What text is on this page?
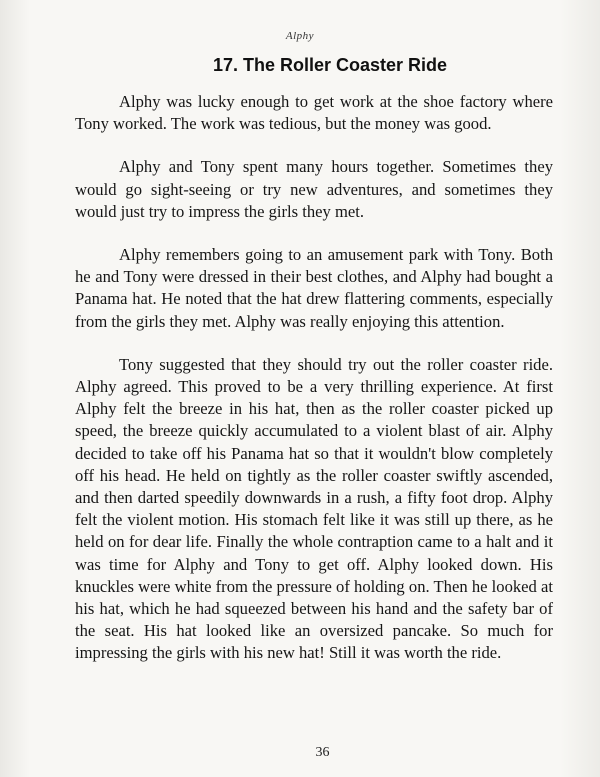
Alphy
17. The Roller Coaster Ride

Alphy was lucky enough to get work at the shoe factory where Tony worked. The work was tedious, but the money was good.

Alphy and Tony spent many hours together. Sometimes they would go sight-seeing or try new adventures, and sometimes they would just try to impress the girls they met.

Alphy remembers going to an amusement park with Tony. Both he and Tony were dressed in their best clothes, and Alphy had bought a Panama hat. He noted that the hat drew flattering comments, especially from the girls they met. Alphy was really enjoying this attention.

Tony suggested that they should try out the roller coaster ride. Alphy agreed. This proved to be a very thrilling experience. At first Alphy felt the breeze in his hat, then as the roller coaster picked up speed, the breeze quickly accumulated to a violent blast of air. Alphy decided to take off his Panama hat so that it wouldn't blow completely off his head. He held on tightly as the roller coaster swiftly ascended, and then darted speedily downwards in a rush, a fifty foot drop. Alphy felt the violent motion. His stomach felt like it was still up there, as he held on for dear life. Finally the whole contraption came to a halt and it was time for Alphy and Tony to get off. Alphy looked down. His knuckles were white from the pressure of holding on. Then he looked at his hat, which he had squeezed between his hand and the safety bar of the seat. His hat looked like an oversized pancake. So much for impressing the girls with his new hat! Still it was worth the ride.

36
